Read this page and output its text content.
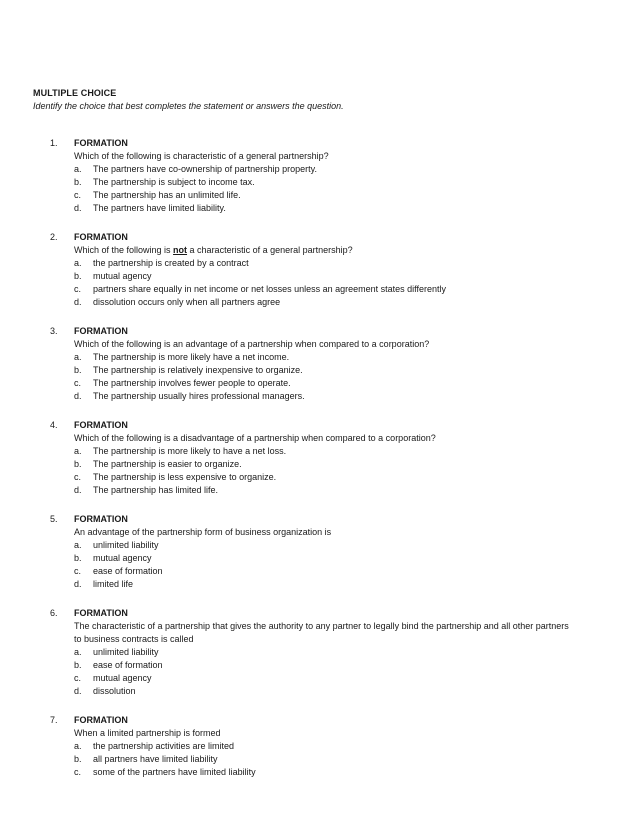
MULTIPLE CHOICE
Identify the choice that best completes the statement or answers the question.
1. FORMATION
Which of the following is characteristic of a general partnership?
a. The partners have co-ownership of partnership property.
b. The partnership is subject to income tax.
c. The partnership has an unlimited life.
d. The partners have limited liability.
2. FORMATION
Which of the following is not a characteristic of a general partnership?
a. the partnership is created by a contract
b. mutual agency
c. partners share equally in net income or net losses unless an agreement states differently
d. dissolution occurs only when all partners agree
3. FORMATION
Which of the following is an advantage of a partnership when compared to a corporation?
a. The partnership is more likely have a net income.
b. The partnership is relatively inexpensive to organize.
c. The partnership involves fewer people to operate.
d. The partnership usually hires professional managers.
4. FORMATION
Which of the following is a disadvantage of a partnership when compared to a corporation?
a. The partnership is more likely to have a net loss.
b. The partnership is easier to organize.
c. The partnership is less expensive to organize.
d. The partnership has limited life.
5. FORMATION
An advantage of the partnership form of business organization is
a. unlimited liability
b. mutual agency
c. ease of formation
d. limited life
6. FORMATION
The characteristic of a partnership that gives the authority to any partner to legally bind the partnership and all other partners to business contracts is called
a. unlimited liability
b. ease of formation
c. mutual agency
d. dissolution
7. FORMATION
When a limited partnership is formed
a. the partnership activities are limited
b. all partners have limited liability
c. some of the partners have limited liability
